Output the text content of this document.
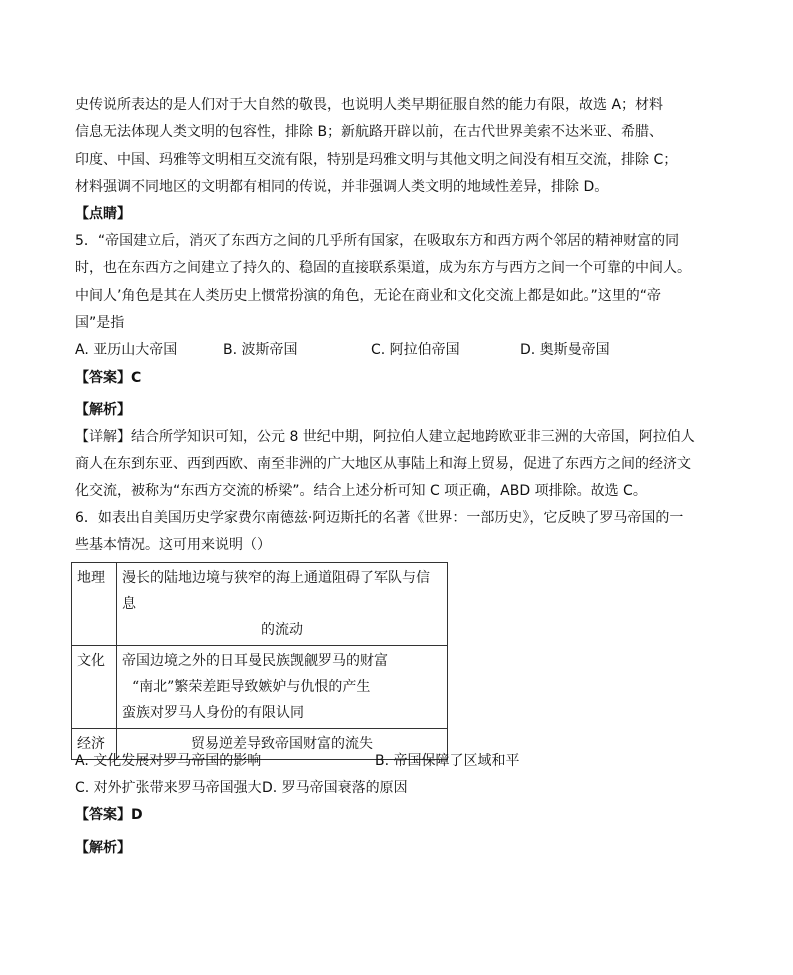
史传说所表达的是人们对于大自然的敬畏，也说明人类早期征服自然的能力有限，故选 A；材料
信息无法体现人类文明的包容性，排除 B；新航路开辟以前，在古代世界美索不达米亚、希腊、
印度、中国、玛雅等文明相互交流有限，特别是玛雅文明与其他文明之间没有相互交流，排除 C；
材料强调不同地区的文明都有相同的传说，并非强调人类文明的地域性差异，排除 D。
【点睛】
5．“帝国建立后，消灭了东西方之间的几乎所有国家，在吸取东方和西方两个邻居的精神财富的同
时，也在东西方之间建立了持久的、稳固的直接联系渠道，成为东方与西方之间一个可靠的中间人。
中间人’角色是其在人类历史上惯常扮演的角色，无论在商业和文化交流上都是如此。”这里的“帝
国”是指
A. 亚历山大帝国	B. 波斯帝国	C. 阿拉伯帝国	D. 奥斯曼帝国
【答案】C
【解析】
【详解】结合所学知识可知，公元 8 世纪中期，阿拉伯人建立起地跨欧亚非三洲的大帝国，阿拉伯人
商人在东到东亚、西到西欧、南至非洲的广大地区从事陆上和海上贸易，促进了东西方之间的经济文
化交流，被称为“东西方交流的桥梁”。结合上述分析可知 C 项正确，ABD 项排除。故选 C。
6．如表出自美国历史学家费尔南德兹·阿迈斯托的名著《世界：一部历史》，它反映了罗马帝国的一
些基本情况。这可用来说明（）
地理	漫长的陆地边境与狭窄的海上通道阻碍了军队与信息
的流动

文化	帝国边境之外的日耳曼民族觊觎罗马的财富
“南北”繁荣差距导致嫉妒与仇恨的产生
蛮族对罗马人身份的有限认同

经济	贸易逆差导致帝国财富的流失
A. 文化发展对罗马帝国的影响	B. 帝国保障了区域和平
C. 对外扩张带来罗马帝国强大 D. 罗马帝国衰落的原因
【答案】D
【解析】
